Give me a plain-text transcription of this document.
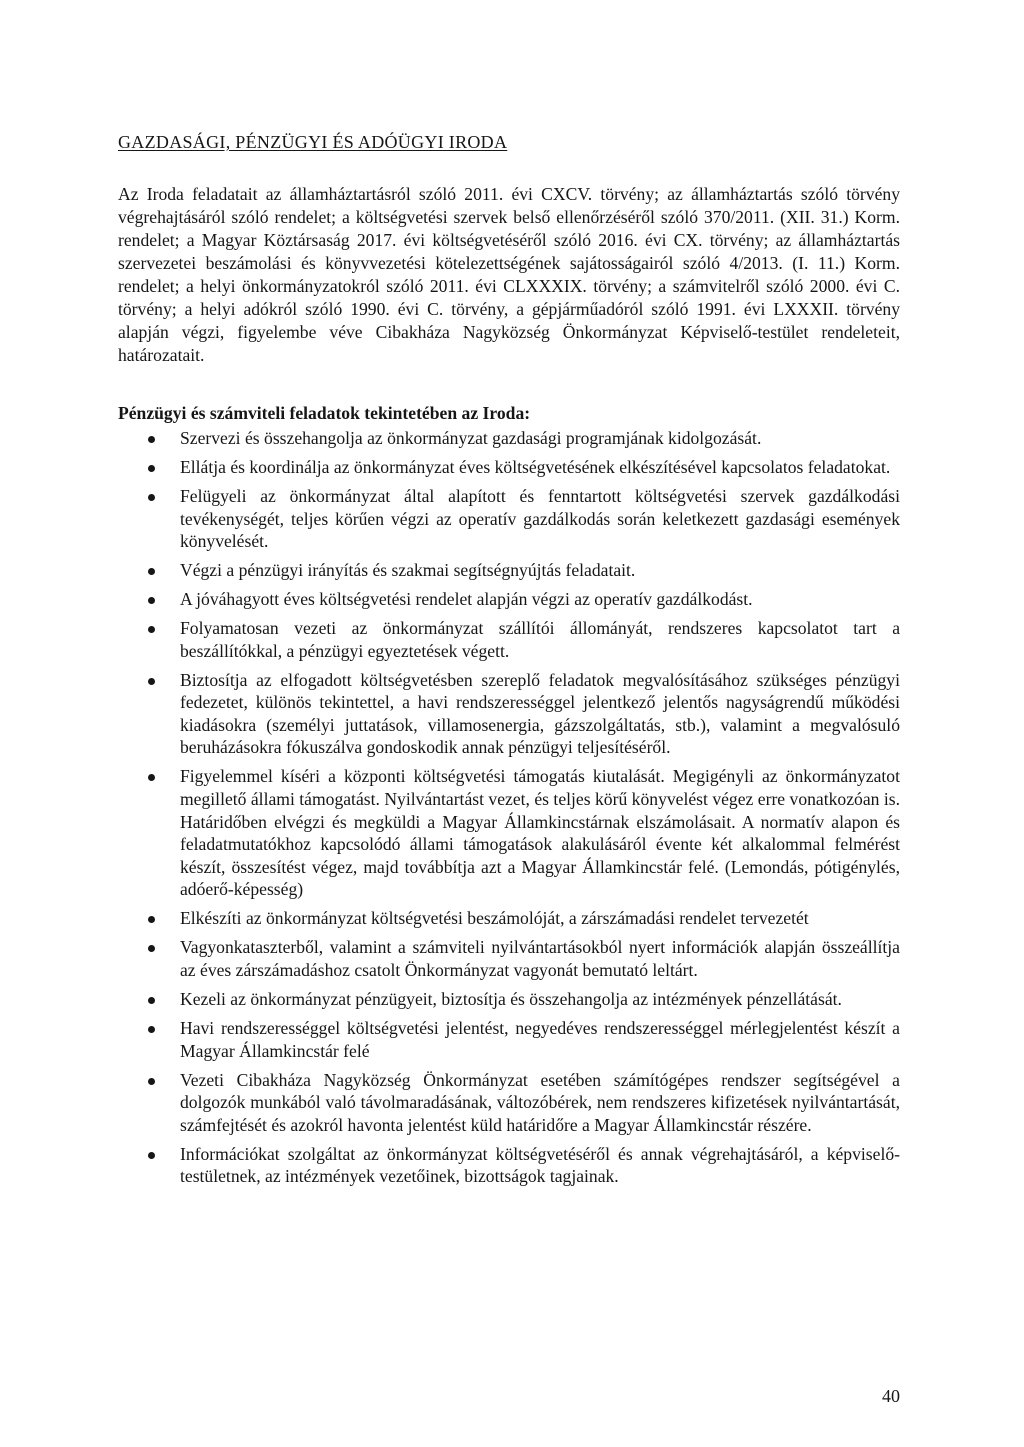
GAZDASÁGI, PÉNZÜGYI ÉS ADÓÜGYI IRODA

Az Iroda feladatait az államháztartásról szóló 2011. évi CXCV. törvény; az államháztartás szóló törvény végrehajtásáról szóló rendelet; a költségvetési szervek belső ellenőrzéséről szóló 370/2011. (XII. 31.) Korm. rendelet; a Magyar Köztársaság 2017. évi költségvetéséről szóló 2016. évi CX. törvény; az államháztartás szervezetei beszámolási és könyvvezetési kötelezettségének sajátosságairól szóló 4/2013. (I. 11.) Korm. rendelet; a helyi önkormányzatokról szóló 2011. évi CLXXXIX. törvény; a számvitelről szóló 2000. évi C. törvény; a helyi adókról szóló 1990. évi C. törvény, a gépjárműadóról szóló 1991. évi LXXXII. törvény alapján végzi, figyelembe véve Cibakháza Nagyközség Önkormányzat Képviselő-testület rendeleteit, határozatait.

Pénzügyi és számviteli feladatok tekintetében az Iroda:

Szervezi és összehangolja az önkormányzat gazdasági programjának kidolgozását.
Ellátja és koordinálja az önkormányzat éves költségvetésének elkészítésével kapcsolatos feladatokat.
Felügyeli az önkormányzat által alapított és fenntartott költségvetési szervek gazdálkodási tevékenységét, teljes körűen végzi az operatív gazdálkodás során keletkezett gazdasági események könyvelését.
Végzi a pénzügyi irányítás és szakmai segítségnyújtás feladatait.
A jóváhagyott éves költségvetési rendelet alapján végzi az operatív gazdálkodást.
Folyamatosan vezeti az önkormányzat szállítói állományát, rendszeres kapcsolatot tart a beszállítókkal, a pénzügyi egyeztetések végett.
Biztosítja az elfogadott költségvetésben szereplő feladatok megvalósításához szükséges pénzügyi fedezetet, különös tekintettel, a havi rendszerességgel jelentkező jelentős nagyságrendű működési kiadásokra (személyi juttatások, villamosenergia, gázszolgáltatás, stb.), valamint a megvalósuló beruházásokra fókuszálva gondoskodik annak pénzügyi teljesítéséről.
Figyelemmel kíséri a központi költségvetési támogatás kiutalását. Megigényli az önkormányzatot megillető állami támogatást. Nyilvántartást vezet, és teljes körű könyvelést végez erre vonatkozóan is. Határidőben elvégzi és megküldi a Magyar Államkincstárnak elszámolásait. A normatív alapon és feladatmutatókhoz kapcsolódó állami támogatások alakulásáról évente két alkalommal felmérést készít, összesítést végez, majd továbbítja azt a Magyar Államkincstár felé. (Lemondás, pótigénylés, adóerő-képesség)
Elkészíti az önkormányzat költségvetési beszámolóját, a zárszámadási rendelet tervezetét
Vagyonkataszterből, valamint a számviteli nyilvántartásokból nyert információk alapján összeállítja az éves zárszámadáshoz csatolt Önkormányzat vagyonát bemutató leltárt.
Kezeli az önkormányzat pénzügyeit, biztosítja és összehangolja az intézmények pénzellátását.
Havi rendszerességgel költségvetési jelentést, negyedéves rendszerességgel mérlegjelentést készít a Magyar Államkincstár felé
Vezeti Cibakháza Nagyközség Önkormányzat esetében számítógépes rendszer segítségével a dolgozók munkából való távolmaradásának, változóbérek, nem rendszeres kifizetések nyilvántartását, számfejtését és azokról havonta jelentést küld határidőre a Magyar Államkincstár részére.
Információkat szolgáltat az önkormányzat költségvetéséről és annak végrehajtásáról, a képviselő-testületnek, az intézmények vezetőinek, bizottságok tagjainak.
40
